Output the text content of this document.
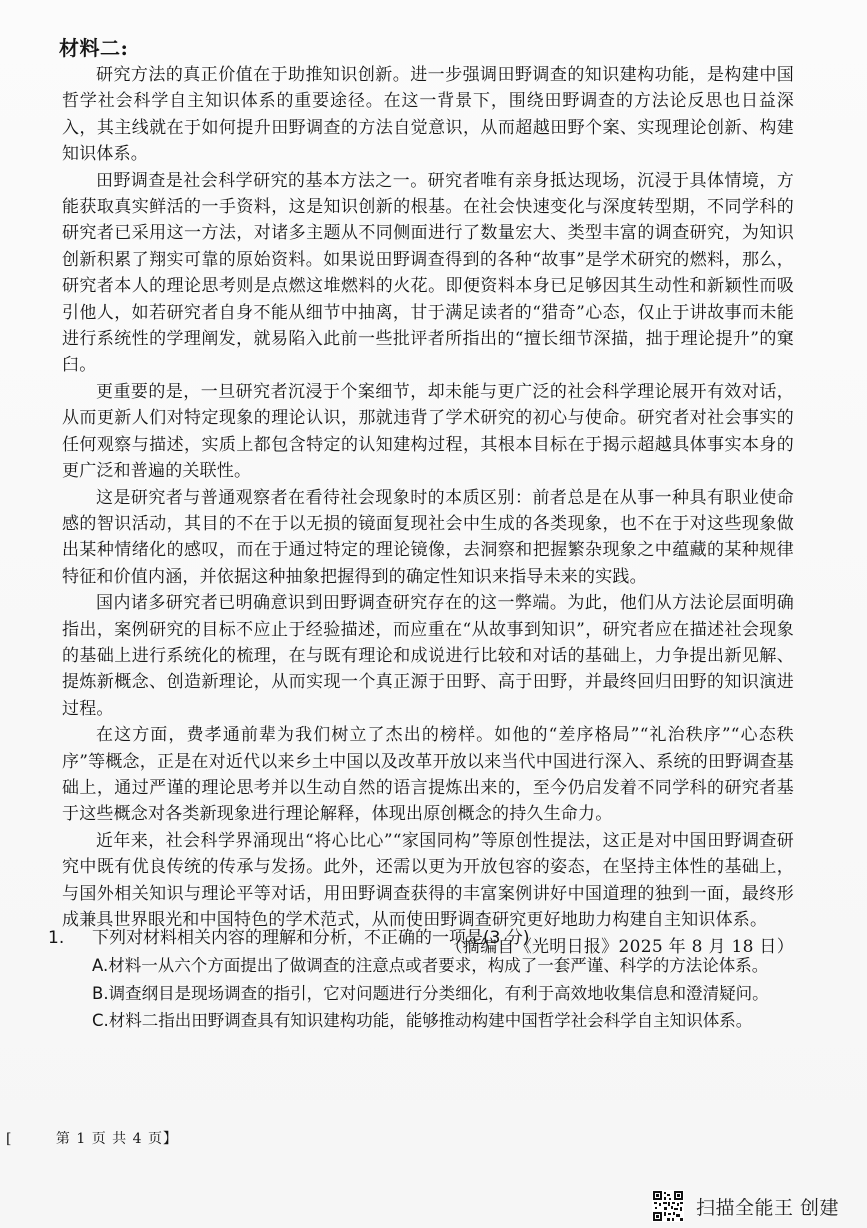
材料二:

研究方法的真正价值在于助推知识创新。进一步强调田野调查的知识建构功能，是构建中国哲学社会科学自主知识体系的重要途径。在这一背景下，围绕田野调查的方法论反思也日益深入，其主线就在于如何提升田野调查的方法自觉意识，从而超越田野个案、实现理论创新、构建知识体系。

田野调查是社会科学研究的基本方法之一。研究者唯有亲身抵达现场，沉浸于具体情境，方能获取真实鲜活的一手资料，这是知识创新的根基。在社会快速变化与深度转型期，不同学科的研究者已采用这一方法，对诸多主题从不同侧面进行了数量宏大、类型丰富的调查研究，为知识创新积累了翔实可靠的原始资料。如果说田野调查得到的各种“故事”是学术研究的燃料，那么，研究者本人的理论思考则是点燃这堆燃料的火花。即便资料本身已足够因其生动性和新颖性而吸引他人，如若研究者自身不能从细节中抽离，甘于满足读者的“猎奇”心态，仅止于讲故事而未能进行系统性的学理阐发，就易陷入此前一些批评者所指出的“擅长细节深描，拙于理论提升”的窠臼。

更重要的是，一旦研究者沉浸于个案细节，却未能与更广泛的社会科学理论展开有效对话，从而更新人们对特定现象的理论认识，那就违背了学术研究的初心与使命。研究者对社会事实的任何观察与描述，实质上都包含特定的认知建构过程，其根本目标在于揭示超越具体事实本身的更广泛和普遍的关联性。

这是研究者与普通观察者在看待社会现象时的本质区别：前者总是在从事一种具有职业使命感的智识活动，其目的不在于以无损的镜面复现社会中生成的各类现象，也不在于对这些现象做出某种情绪化的感叹，而在于通过特定的理论镜像，去洞察和把握繁杂现象之中蕴藏的某种规律特征和价值内涵，并依据这种抽象把握得到的确定性知识来指导未来的实践。

国内诸多研究者已明确意识到田野调查研究存在的这一弊端。为此，他们从方法论层面明确指出，案例研究的目标不应止于经验描述，而应重在“从故事到知识”，研究者应在描述社会现象的基础上进行系统化的梳理，在与既有理论和成说进行比较和对话的基础上，力争提出新见解、提炼新概念、创造新理论，从而实现一个真正源于田野、高于田野，并最终回归田野的知识演进过程。

在这方面，费孝通前辈为我们树立了杰出的榜样。如他的“差序格局”“礼治秩序”“心态秩序”等概念，正是在对近代以来乡土中国以及改革开放以来当代中国进行深入、系统的田野调查基础上，通过严谨的理论思考并以生动自然的语言提炼出来的，至今仍启发着不同学科的研究者基于这些概念对各类新现象进行理论解释，体现出原创概念的持久生命力。

近年来，社会科学界涌现出“将心比心”“家国同构”等原创性提法，这正是对中国田野调查研究中既有优良传统的传承与发扬。此外，还需以更为开放包容的姿态，在坚持主体性的基础上，与国外相关知识与理论平等对话，用田野调查获得的丰富案例讲好中国道理的独到一面，最终形成兼具世界眼光和中国特色的学术范式，从而使田野调查研究更好地助力构建自主知识体系。

（摘编自《光明日报》2025 年 8 月 18 日）
1.	下列对材料相关内容的理解和分析，不正确的一项是(3 分)
A.材料一从六个方面提出了做调查的注意点或者要求，构成了一套严谨、科学的方法论体系。
B.调查纲目是现场调查的指引，它对问题进行分类细化，有利于高效地收集信息和澄清疑问。
C.材料二指出田野调查具有知识建构功能，能够推动构建中国哲学社会科学自主知识体系。
[	第 1 页 共 4 页】
扫描全能王 创建
